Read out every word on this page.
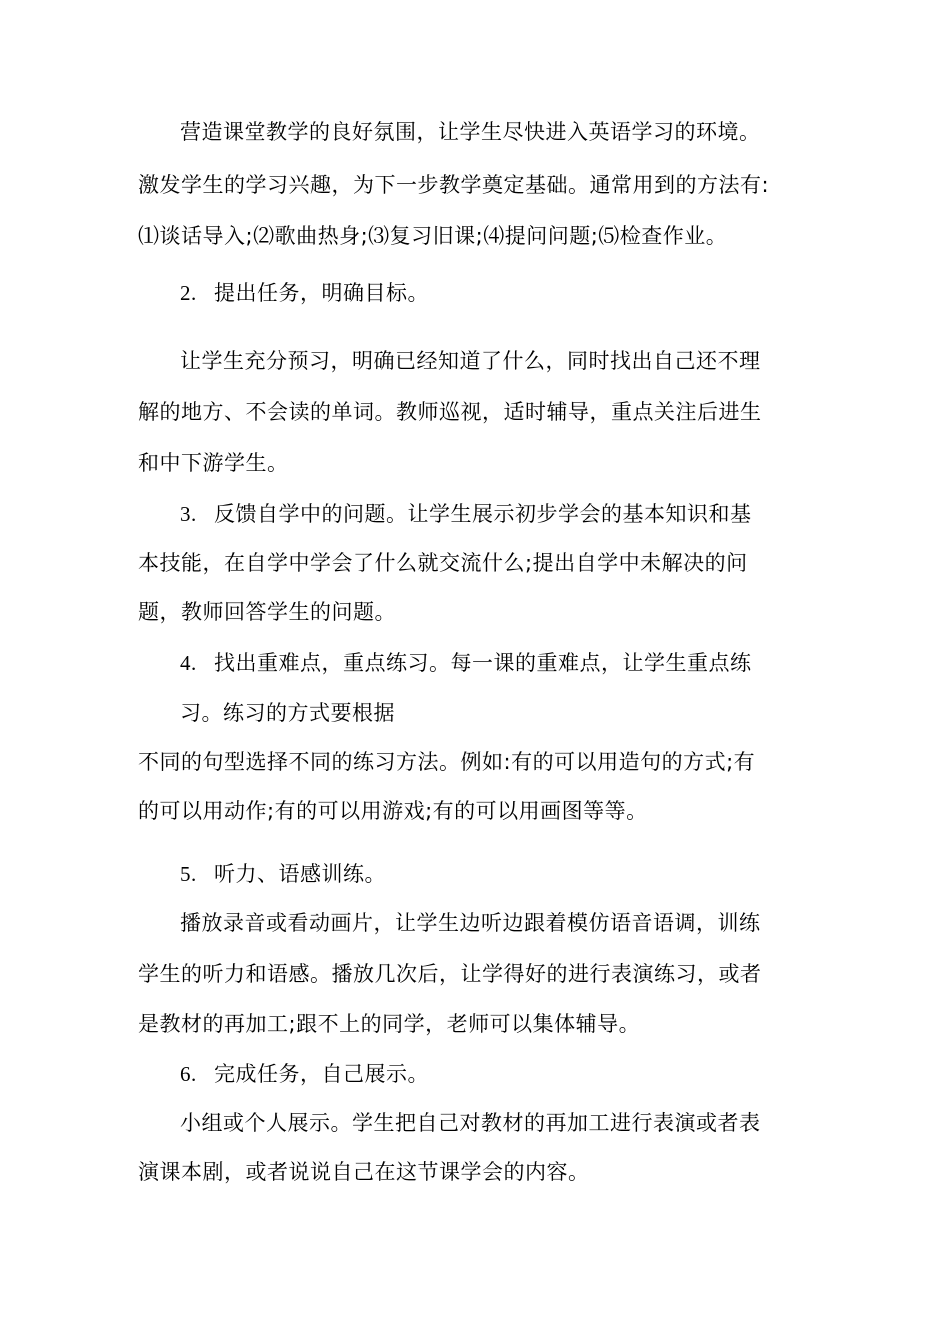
营造课堂教学的良好氛围，让学生尽快进入英语学习的环境。
激发学生的学习兴趣，为下一步教学奠定基础。通常用到的方法有:
⑴谈话导入;⑵歌曲热身;⑶复习旧课;⑷提问问题;⑸检查作业。
2. 提出任务，明确目标。
让学生充分预习，明确已经知道了什么，同时找出自己还不理
解的地方、不会读的单词。教师巡视，适时辅导，重点关注后进生
和中下游学生。
3. 反馈自学中的问题。让学生展示初步学会的基本知识和基
本技能，在自学中学会了什么就交流什么;提出自学中未解决的问
题，教师回答学生的问题。
4. 找出重难点，重点练习。每一课的重难点，让学生重点练
习。练习的方式要根据
不同的句型选择不同的练习方法。例如:有的可以用造句的方式;有
的可以用动作;有的可以用游戏;有的可以用画图等等。
5. 听力、语感训练。
播放录音或看动画片，让学生边听边跟着模仿语音语调，训练
学生的听力和语感。播放几次后，让学得好的进行表演练习，或者
是教材的再加工;跟不上的同学，老师可以集体辅导。
6. 完成任务，自己展示。
小组或个人展示。学生把自己对教材的再加工进行表演或者表
演课本剧，或者说说自己在这节课学会的内容。
